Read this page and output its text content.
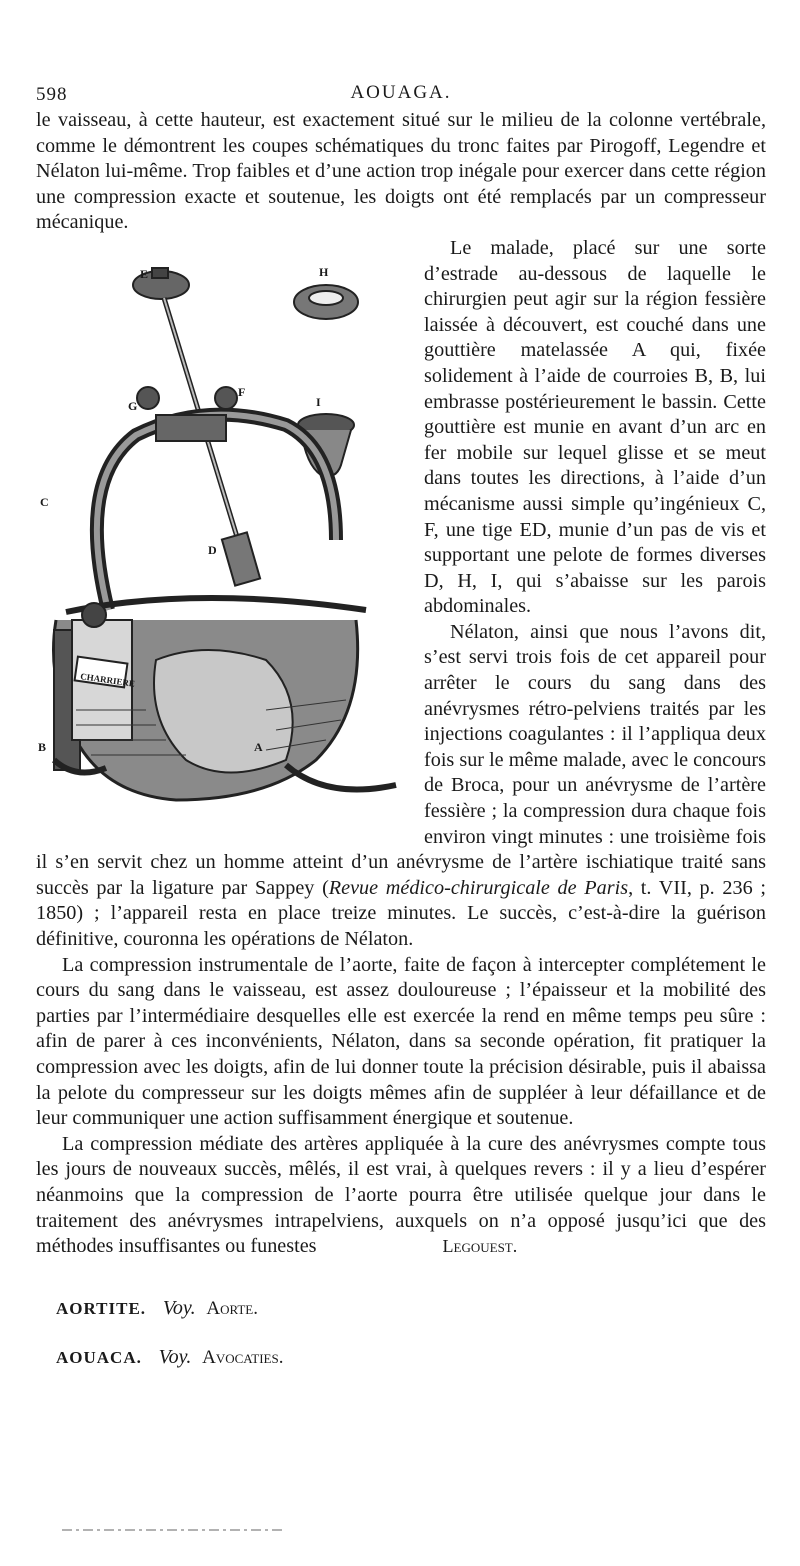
598	AOUAGA.

le vaisseau, à cette hauteur, est exactement situé sur le milieu de la colonne vertébrale, comme le démontrent les coupes schématiques du tronc faites par Pirogoff, Legendre et Nélaton lui-même. Trop faibles et d’une action trop inégale pour exercer dans cette région une compression exacte et soutenue, les doigts ont été remplacés par un compresseur mécanique.

E	H
G
F
I
C
D
B	A
CHARRIERE

Le malade, placé sur une sorte d’estrade au-dessous de laquelle le chirurgien peut agir sur la région fessière laissée à découvert, est couché dans une gouttière matelassée A qui, fixée solidement à l’aide de courroies B, B, lui embrasse postérieurement le bassin. Cette gouttière est munie en avant d’un arc en fer mobile sur lequel glisse et se meut dans toutes les directions, à l’aide d’un mécanisme aussi simple qu’ingénieux C, F, une tige ED, munie d’un pas de vis et supportant une pelote de formes diverses D, H, I, qui s’abaisse sur les parois abdominales.

Nélaton, ainsi que nous l’avons dit, s’est servi trois fois de cet appareil pour arrêter le cours du sang dans des anévrysmes rétro-pelviens traités par les injections coagulantes : il l’appliqua deux fois sur le même malade, avec le concours de Broca, pour un anévrysme de l’artère fessière ; la compression dura chaque fois environ vingt minutes : une troisième fois il s’en servit chez un homme atteint d’un anévrysme de l’artère ischiatique traité sans succès par la ligature par Sappey (Revue médico-chirurgicale de Paris, t. VII, p. 236 ; 1850) ; l’appareil resta en place treize minutes. Le succès, c’est-à-dire la guérison définitive, couronna les opérations de Nélaton.

La compression instrumentale de l’aorte, faite de façon à intercepter complétement le cours du sang dans le vaisseau, est assez douloureuse ; l’épaisseur et la mobilité des parties par l’intermédiaire desquelles elle est exercée la rend en même temps peu sûre : afin de parer à ces inconvénients, Nélaton, dans sa seconde opération, fit pratiquer la compression avec les doigts, afin de lui donner toute la précision désirable, puis il abaissa la pelote du compresseur sur les doigts mêmes afin de suppléer à leur défaillance et de leur communiquer une action suffisamment énergique et soutenue.

La compression médiate des artères appliquée à la cure des anévrysmes compte tous les jours de nouveaux succès, mêlés, il est vrai, à quelques revers : il y a lieu d’espérer néanmoins que la compression de l’aorte pourra être utilisée quelque jour dans le traitement des anévrysmes intrapelviens, auxquels on n’a opposé jusqu’ici que des méthodes insuffisantes ou funestes	Legouest.

AORTITE. Voy. Aorte.
AOUACA. Voy. Avocaties.
